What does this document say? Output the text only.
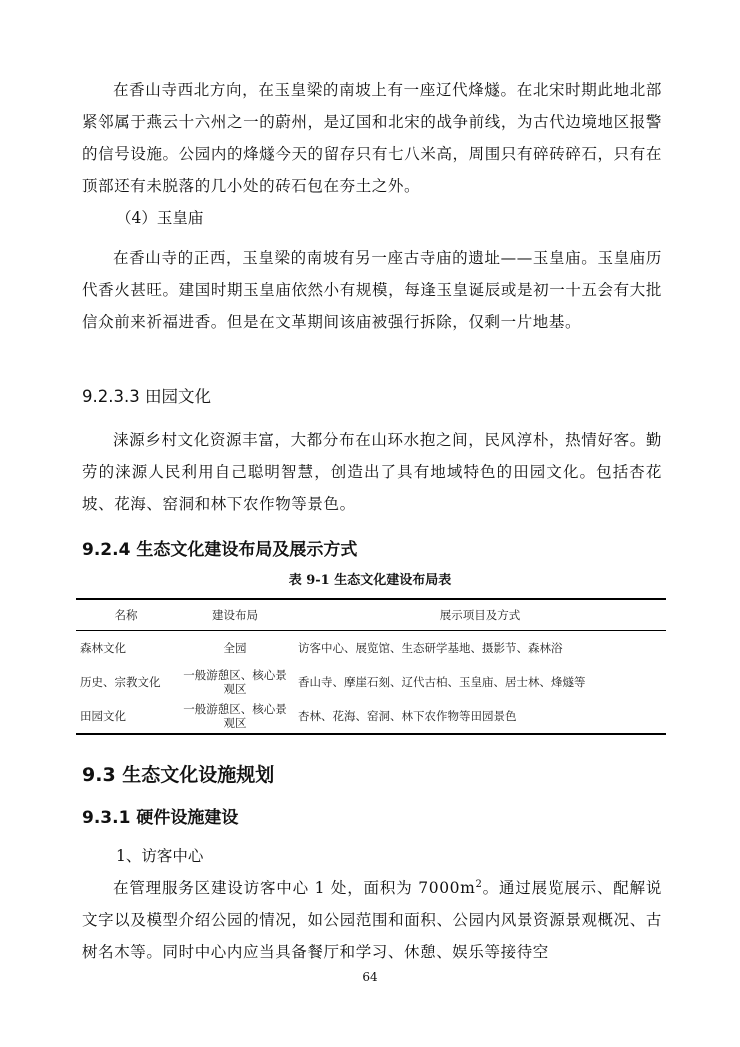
在香山寺西北方向，在玉皇梁的南坡上有一座辽代烽燧。在北宋时期此地北部紧邻属于燕云十六州之一的蔚州，是辽国和北宋的战争前线，为古代边境地区报警的信号设施。公园内的烽燧今天的留存只有七八米高，周围只有碎砖碎石，只有在顶部还有未脱落的几小处的砖石包在夯土之外。

（4）玉皇庙

在香山寺的正西，玉皇梁的南坡有另一座古寺庙的遗址——玉皇庙。玉皇庙历代香火甚旺。建国时期玉皇庙依然小有规模，每逢玉皇诞辰或是初一十五会有大批信众前来祈福进香。但是在文革期间该庙被强行拆除，仅剩一片地基。

9.2.3.3 田园文化

涞源乡村文化资源丰富，大都分布在山环水抱之间，民风淳朴，热情好客。勤劳的涞源人民利用自己聪明智慧，创造出了具有地域特色的田园文化。包括杏花坡、花海、窑洞和林下农作物等景色。

9.2.4 生态文化建设布局及展示方式

表 9-1 生态文化建设布局表

名称	建设布局	展示项目及方式
森林文化	全园	访客中心、展览馆、生态研学基地、摄影节、森林浴
历史、宗教文化	一般游憩区、核心景观区	香山寺、摩崖石刻、辽代古柏、玉皇庙、居士林、烽燧等
田园文化	一般游憩区、核心景观区	杏林、花海、窑洞、林下农作物等田园景色
9.3 生态文化设施规划
9.3.1 硬件设施建设

1、访客中心

在管理服务区建设访客中心 1 处，面积为 $7000m^2$。通过展览展示、配解说文字以及模型介绍公园的情况，如公园范围和面积、公园内风景资源景观概况、古树名木等。同时中心内应当具备餐厅和学习、休憩、娱乐等接待空

64
